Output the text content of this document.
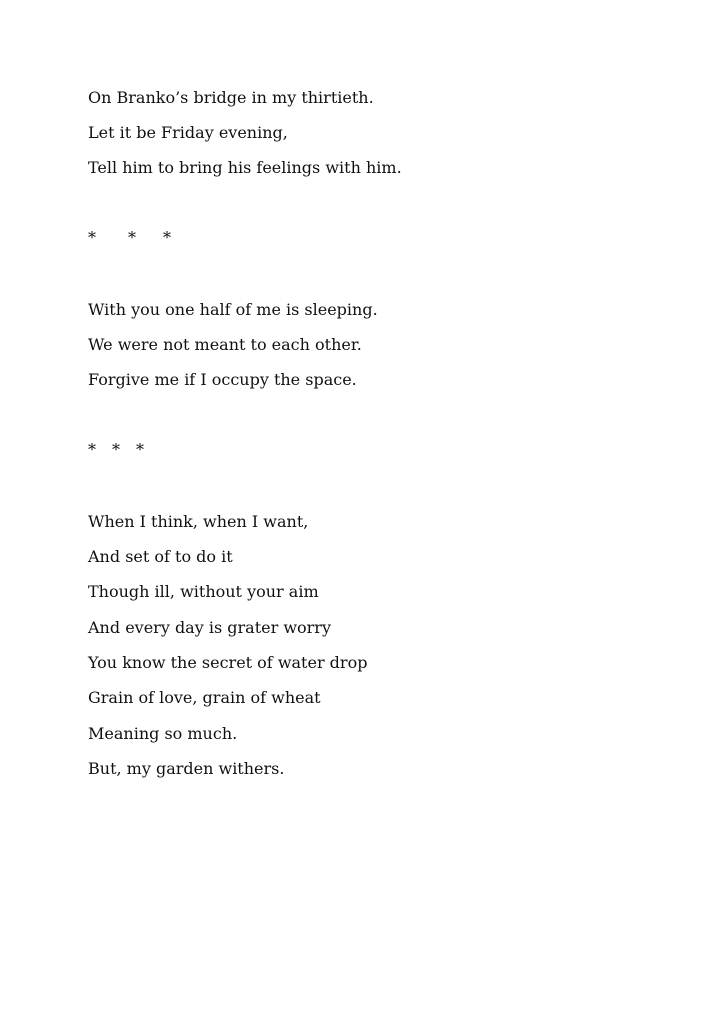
On Branko’s bridge in my thirtieth.
Let it be Friday evening,
Tell him to bring his feelings with him.
* * *
With you one half of me is sleeping.
We were not meant to each other.
Forgive me if I occupy the space.
* * *
When I think, when I want,
And set of to do it
Though ill, without your aim
And every day is grater worry
You know the secret of water drop
Grain of love, grain of wheat
Meaning so much.
But, my garden withers.
